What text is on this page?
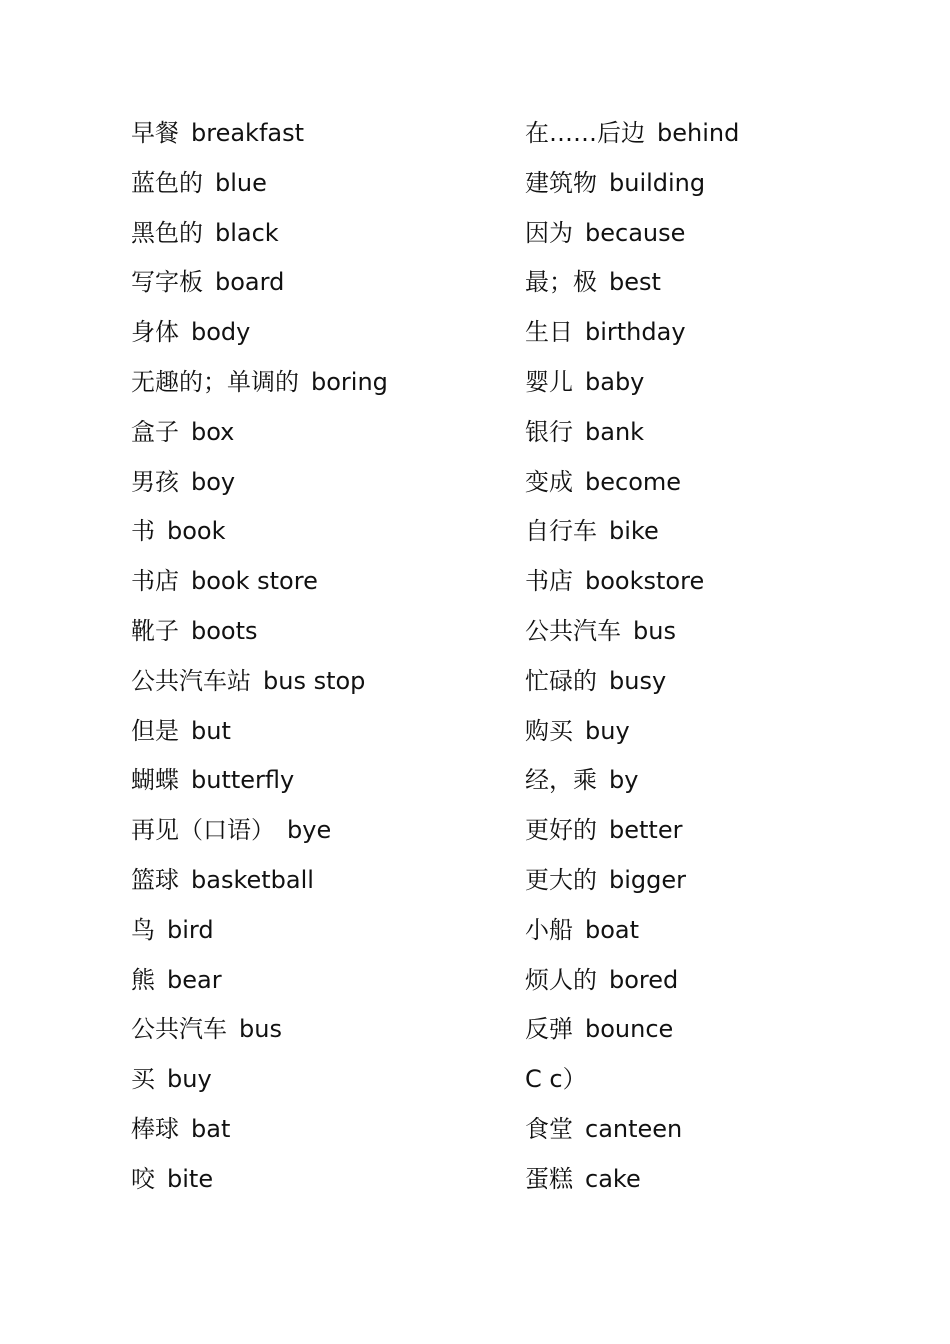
早餐 breakfast
蓝色的 blue
黑色的 black
写字板 board
身体 body
无趣的；单调的 boring
盒子 box
男孩 boy
书 book
书店 book store
靴子 boots
公共汽车站 bus stop
但是 but
蝴蝶 butterfly
再见（口语） bye
篮球 basketball
鸟 bird
熊 bear
公共汽车 bus
买 buy
棒球 bat
咬 bite
在……后边 behind
建筑物 building
因为 because
最；极 best
生日 birthday
婴儿 baby
银行 bank
变成 become
自行车 bike
书店 bookstore
公共汽车 bus
忙碌的 busy
购买 buy
经，乘 by
更好的 better
更大的 bigger
小船 boat
烦人的 bored
反弹 bounce
C c）
食堂 canteen
蛋糕 cake
